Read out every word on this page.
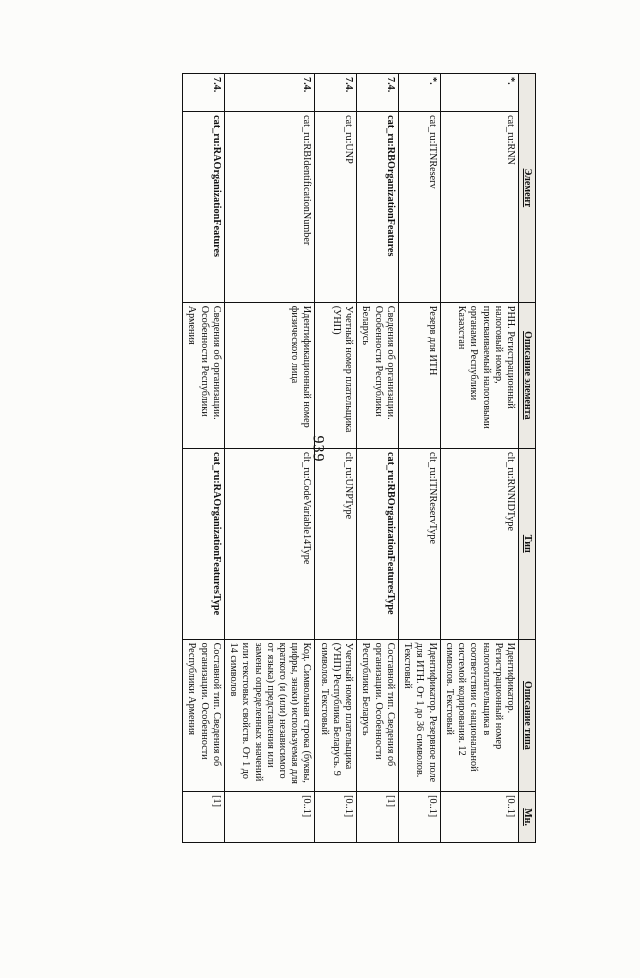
939
Элемент		Описание элемента	Тип	Описание типа	Мн.
*.	cat_ru:RNN	РНН. Регистрационный налоговый номер, присваиваемый налоговыми органами Республики Казахстан	clt_ru:RNNIDType	Идентификатор. Регистрационный номер налогоплательщика в соответствии с национальной системой кодирования. 12 символов. Текстовый	[0..1]
*.	cat_ru:ITNReserv	Резерв для ИТН	clt_ru:ITNReservType	Идентификатор. Резервное поле для ИТН. От 1 до 36 символов. Текстовый	[0..1]
7.4.	cat_ru:RBOrganizationFeatures	Сведения об организации. Особенности Республики Беларусь	cat_ru:RBOrganizationFeaturesType	Составной тип. Сведения об организации. Особенности Республики Беларусь	[1]
7.4.	cat_ru:UNP	Учетный номер плательщика (УНП)	clt_ru:UNPType	Учетный номер плательщика (УНП) Республика Беларусь. 9 символов. Текстовый	[0..1]
7.4.	cat_ru:RBIdentificationNumber	Идентификационный номер физического лица	clt_ru:CodeVariable14Type	Код. Символьная строка (буквы, цифры, знаки) используемая для краткого (и (или) независимого от языка) представления или замены определенных значений или текстовых свойств. От 1 до 14 символов	[0..1]
7.4.	cat_ru:RAOrganizationFeatures	Сведения об организации. Особенности Республики Армения	cat_ru:RAOrganizationFeaturesType	Составной тип. Сведения об организации. Особенности Республики Армения	[1]
